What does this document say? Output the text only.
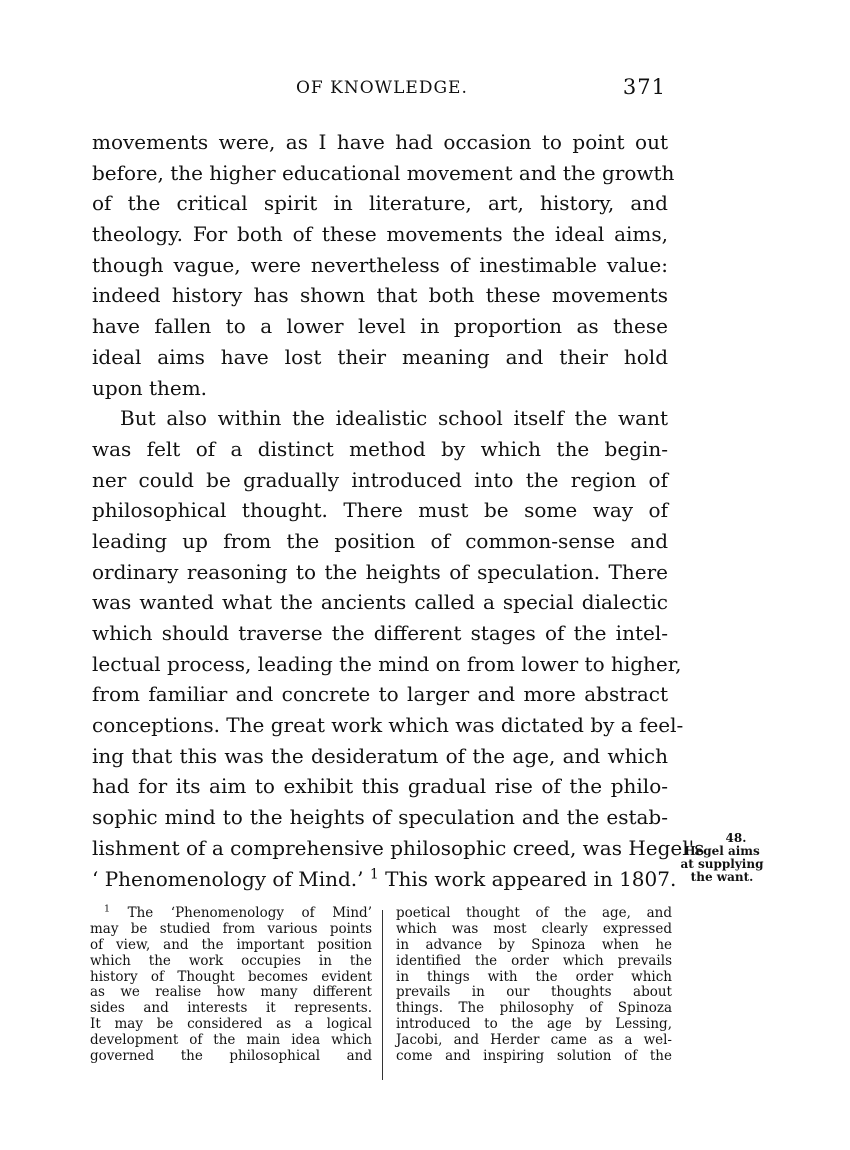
OF KNOWLEDGE.	371
movements were, as I have had occasion to point out
before, the higher educational movement and the growth
of the critical spirit in literature, art, history, and
theology. For both of these movements the ideal aims,
though vague, were nevertheless of inestimable value:
indeed history has shown that both these movements
have fallen to a lower level in proportion as these
ideal aims have lost their meaning and their hold
upon them.
But also within the idealistic school itself the want
was felt of a distinct method by which the begin-
ner could be gradually introduced into the region of
philosophical thought. There must be some way of
leading up from the position of common-sense and
ordinary reasoning to the heights of speculation. There
was wanted what the ancients called a special dialectic
which should traverse the different stages of the intel-
lectual process, leading the mind on from lower to higher,
from familiar and concrete to larger and more abstract
conceptions. The great work which was dictated by a feel-
ing that this was the desideratum of the age, and which
had for its aim to exhibit this gradual rise of the philo-
sophic mind to the heights of speculation and the estab-
lishment of a comprehensive philosophic creed, was Hegel's
‘ Phenomenology of Mind.’ $^1$ This work appeared in 1807.
48.
Hegel aims
at supplying
the want.
$^1$ The ‘Phenomenology of Mind’
may be studied from various points
of view, and the important position
which the work occupies in the
history of Thought becomes evident
as we realise how many different
sides and interests it represents.
It may be considered as a logical
development of the main idea which
governed the philosophical and
poetical thought of the age, and
which was most clearly expressed
in advance by Spinoza when he
identified the order which prevails
in things with the order which
prevails in our thoughts about
things. The philosophy of Spinoza
introduced to the age by Lessing,
Jacobi, and Herder came as a wel-
come and inspiring solution of the
